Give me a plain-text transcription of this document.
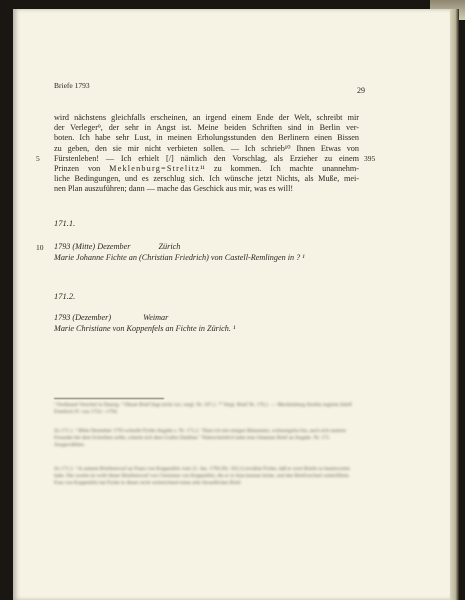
Briefe 1793
29
wird nächstens gleichfalls erscheinen, an irgend einem Ende der Welt, schreibt mir
der Verleger⁹, der sehr in Angst ist. Meine beiden Schriften sind in Berlin ver-
boten. Ich habe sehr Lust, in meinen Erholungsstunden den Berlinern einen Bissen
zu geben, den sie mir nicht verbieten sollen. — Ich schrieb¹⁰ Ihnen Etwas von
Fürstenleben! — Ich erhielt [/] nämlich den Vorschlag, als Erzieher zu einem
Prinzen von Meklenburg=Strelitz¹¹ zu kommen. Ich machte unannehm-
liche Bedingungen, und es zerschlug sich. Ich wünsche jetzt Nichts, als Muße, mei-
nen Plan auszuführen; dann — mache das Geschick aus mir, was es will!
5	395
171.1.
10 1793 (Mitte) Dezember	Zürich
Marie Johanne Fichte an (Christian Friedrich) von Castell-Remlingen in ? ¹
171.2.
1793 (Dezember)	Weimar
Marie Christiane von Koppenfels an Fichte in Zürich. ¹
¹ Ferdinand Vorschel in Danzig. ⁹ Dieser Brief liegt nicht vor; vergl. Nr. 167,1. ¹⁰ Vergl. Brief Nr. 170,1. — Mecklenburg-Strelitz regierte Adolf Friedrich IV. von 1752—1794.
Zu 171.1. ¹ Mitte Dezember 1793 schreibt Fichte Angabe s. Nr. 171,2. "Dass ich mir einigen Bekannten, wohnungslos bin, auch sich unseres Freundes bei dem Schreiben sollte, scheint sich dem Grafen Dankbar." Wahrscheinlich hatte eine Johannes Brief an Angabe. Nr. 171. Ausgewählten.
Zu 171.2. ¹ In seinem Briefentwurf an Franz von Koppenfels vom 21. Jan. 1794 (Nr. 183,1) erwähnt Fichte, daß er zwei Briefe zu beantworten habe. Der zweite ist wohl dieser Briefentwurf von Christiane von Koppenfels, die er in Jena kennen lernte, und den Briefwechsel weiterführte. Frau von Koppenfels hat Fichte in dieser recht weitreichend einen sehr freundlichen Brief.
